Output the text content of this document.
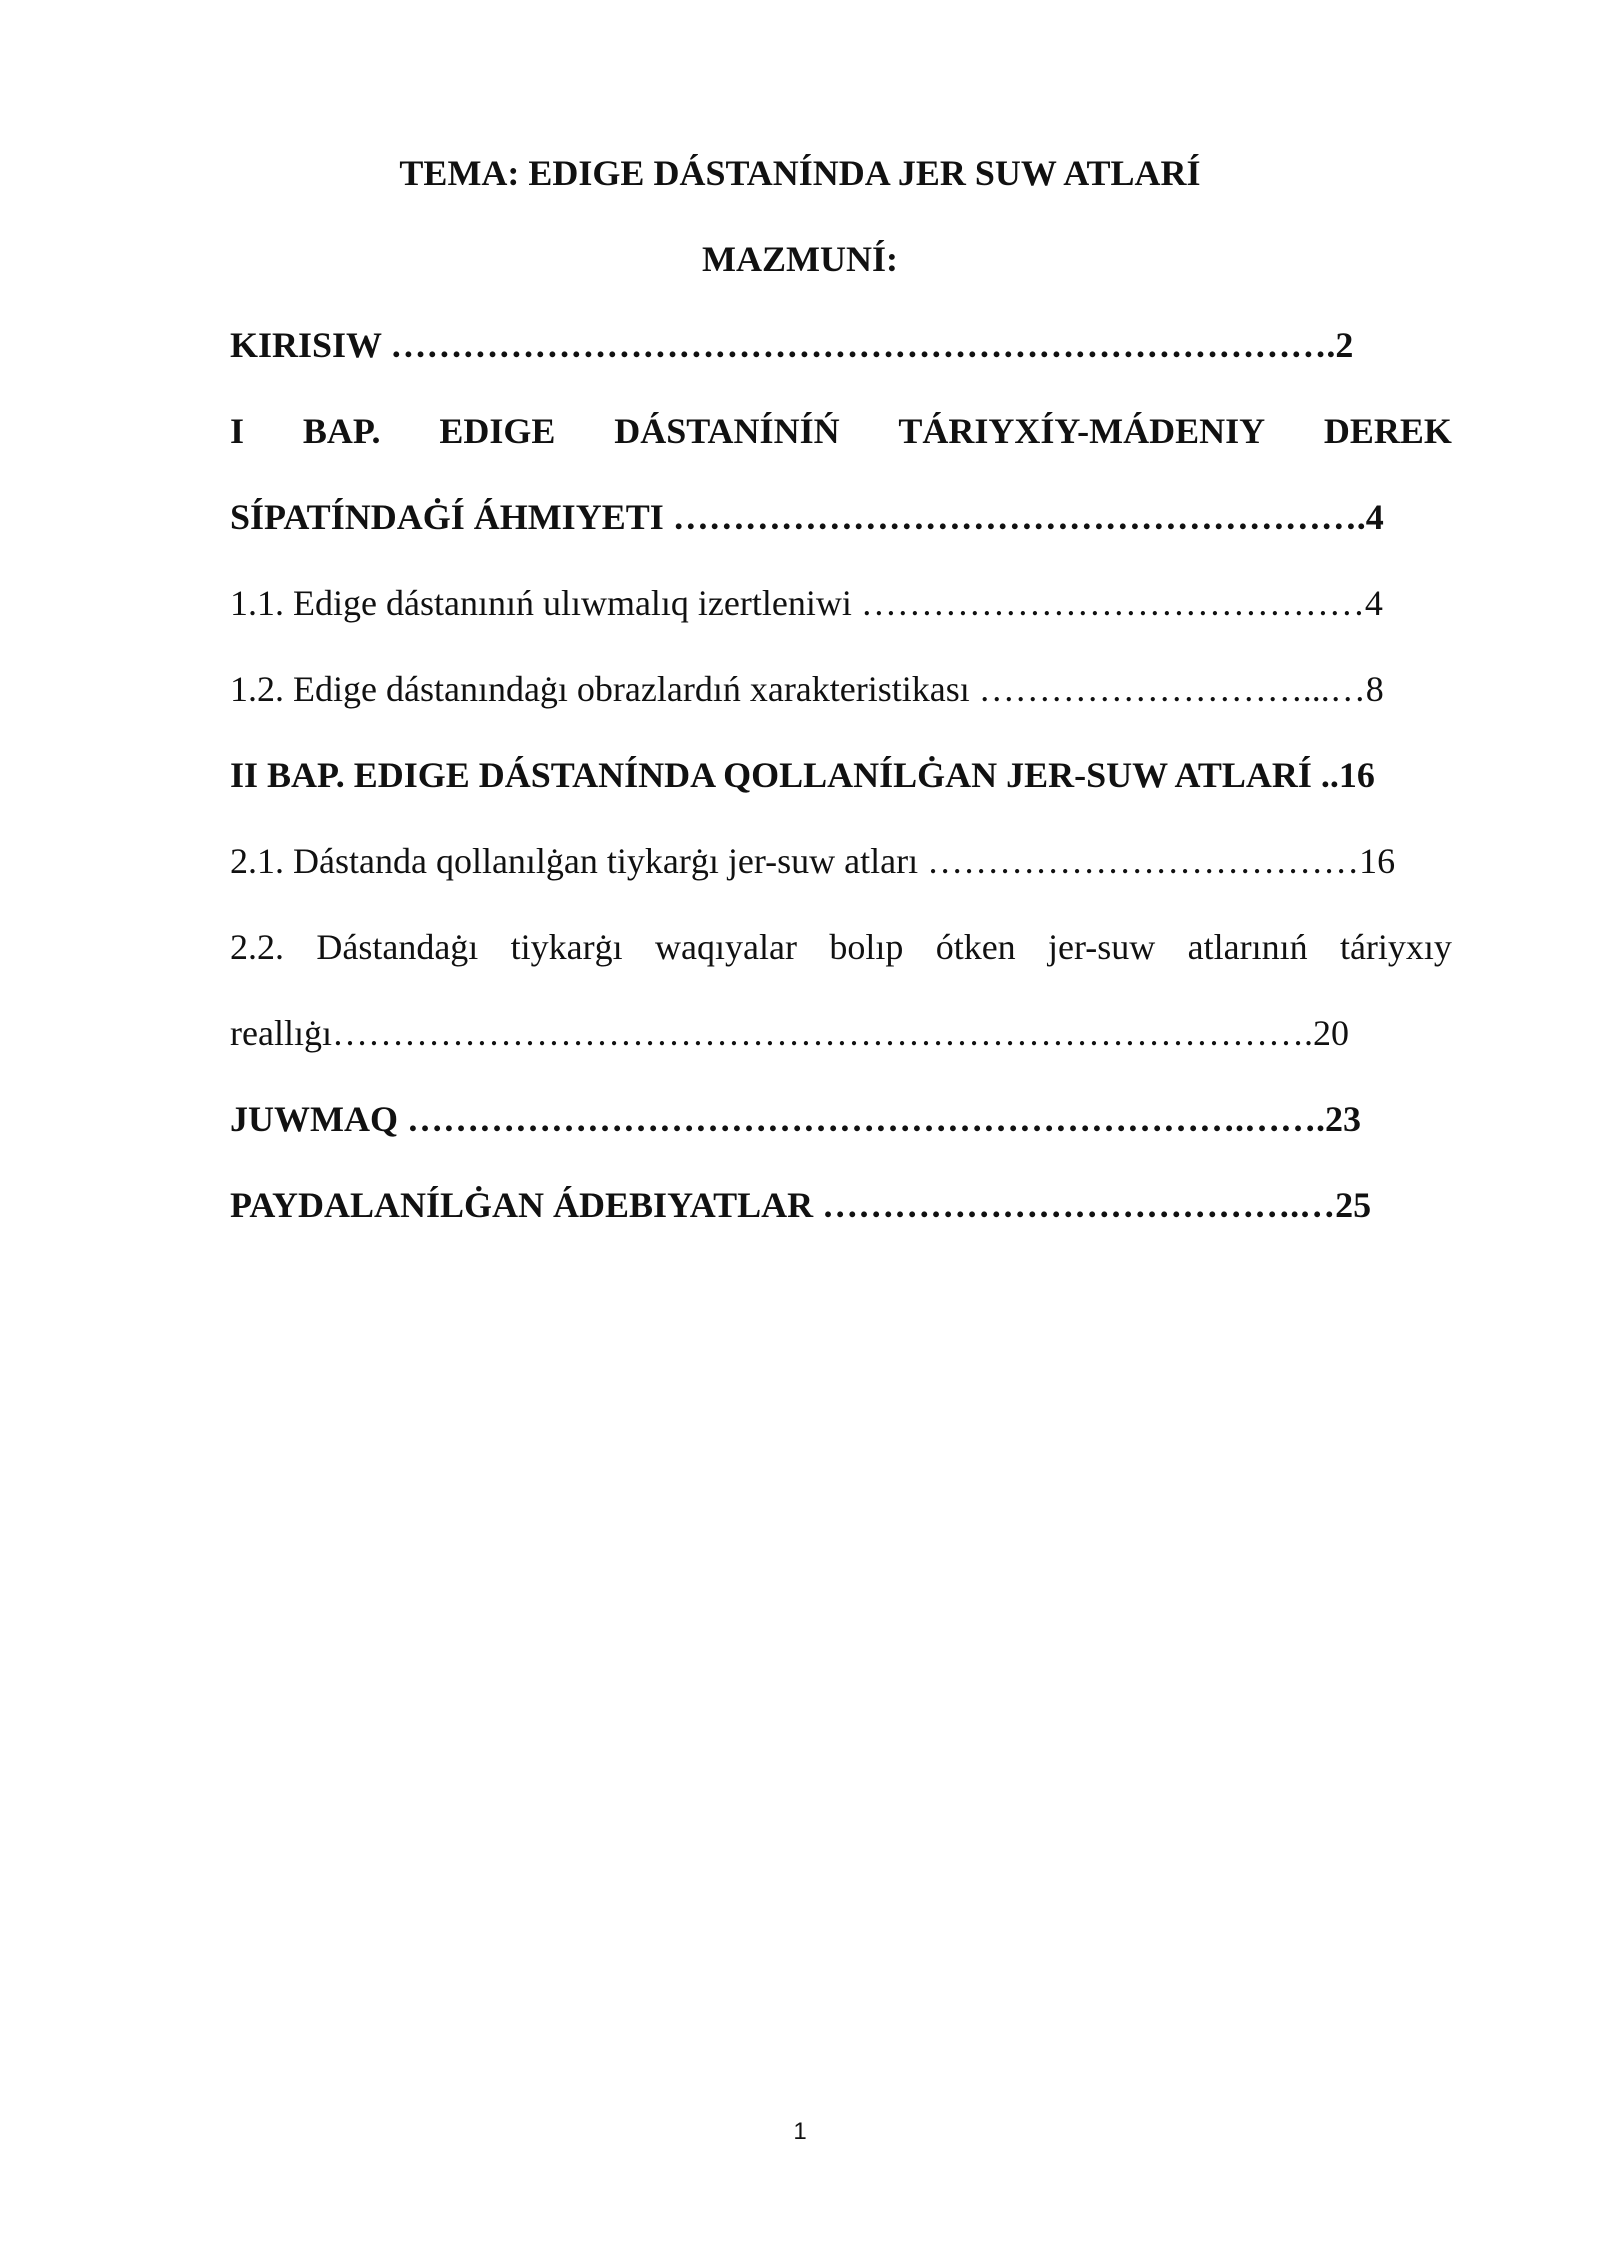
TEMA: EDIGE DÁSTANÍNDA JER SUW ATLARÍ
MAZMUNÍ:
KIRISIW …………………………………………………………………….2
I BAP. EDIGE DÁSTANÍNÍŃ TÁRIYXÍY-MÁDENIY DEREK
SÍPATÍNDAĠÍ ÁHMIYETI ………………………………………………….4
1.1. Edige dástanınıń ulıwmalıq izertleniwi ……………………………………4
1.2. Edige dástanındaġı obrazlardıń xarakteristikası ………………………...…8
II BAP. EDIGE DÁSTANÍNDA QOLLANÍLĠAN JER-SUW ATLARÍ ..16
2.1. Dástanda qollanılġan tiykarġı jer-suw atları ………………………………16
2.2. Dástandaġı tiykarġı waqıyalar bolıp ótken jer-suw atlarınıń táriyxıy
reallıġı……………………………………………………………………….20
JUWMAQ …………………………………………………………….…….23
PAYDALANÍLĠAN ÁDEBIYATLAR ………………………………….…25
1
